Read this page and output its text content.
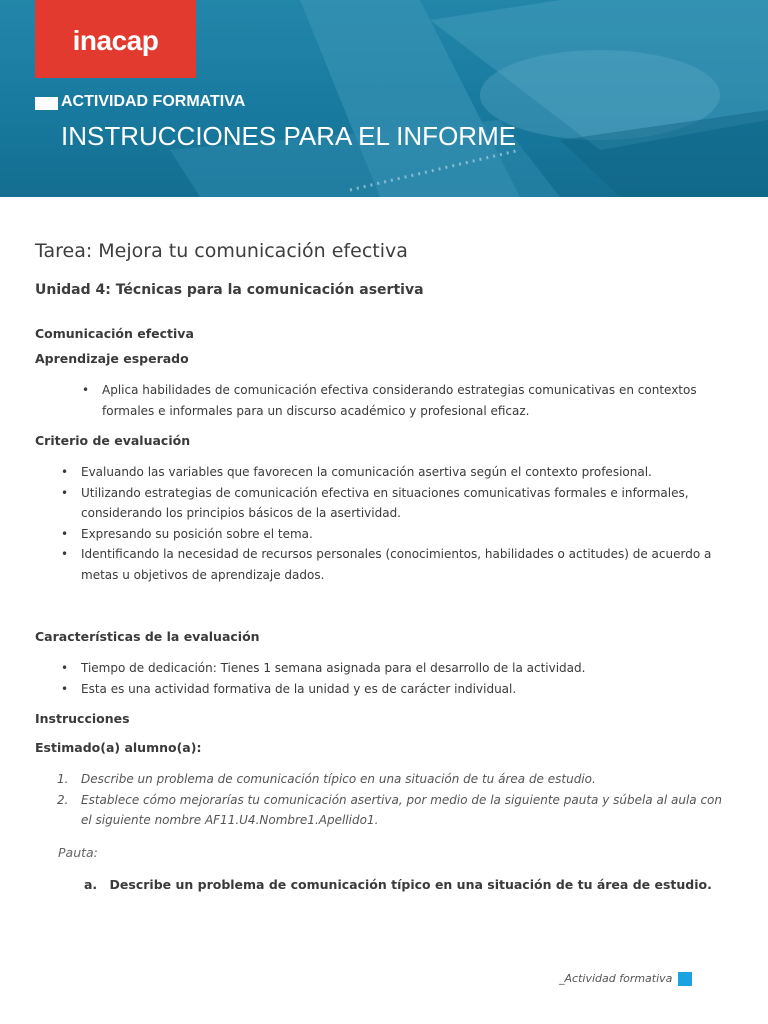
inacap
ACTIVIDAD FORMATIVA
INSTRUCCIONES PARA EL INFORME
Tarea: Mejora tu comunicación efectiva
Unidad 4: Técnicas para la comunicación asertiva

Comunicación efectiva

Aprendizaje esperado

• Aplica habilidades de comunicación efectiva considerando estrategias comunicativas en contextos formales e informales para un discurso académico y profesional eficaz.

Criterio de evaluación

• Evaluando las variables que favorecen la comunicación asertiva según el contexto profesional.
• Utilizando estrategias de comunicación efectiva en situaciones comunicativas formales e informales, considerando los principios básicos de la asertividad.
• Expresando su posición sobre el tema.
• Identificando la necesidad de recursos personales (conocimientos, habilidades o actitudes) de acuerdo a metas u objetivos de aprendizaje dados.

Características de la evaluación

• Tiempo de dedicación: Tienes 1 semana asignada para el desarrollo de la actividad.
• Esta es una actividad formativa de la unidad y es de carácter individual.

Instrucciones

Estimado(a) alumno(a):

1. Describe un problema de comunicación típico en una situación de tu área de estudio.
2. Establece cómo mejorarías tu comunicación asertiva, por medio de la siguiente pauta y súbela al aula con el siguiente nombre AF11.U4.Nombre1.Apellido1.

Pauta:

a. Describe un problema de comunicación típico en una situación de tu área de estudio.

_Actividad formativa
